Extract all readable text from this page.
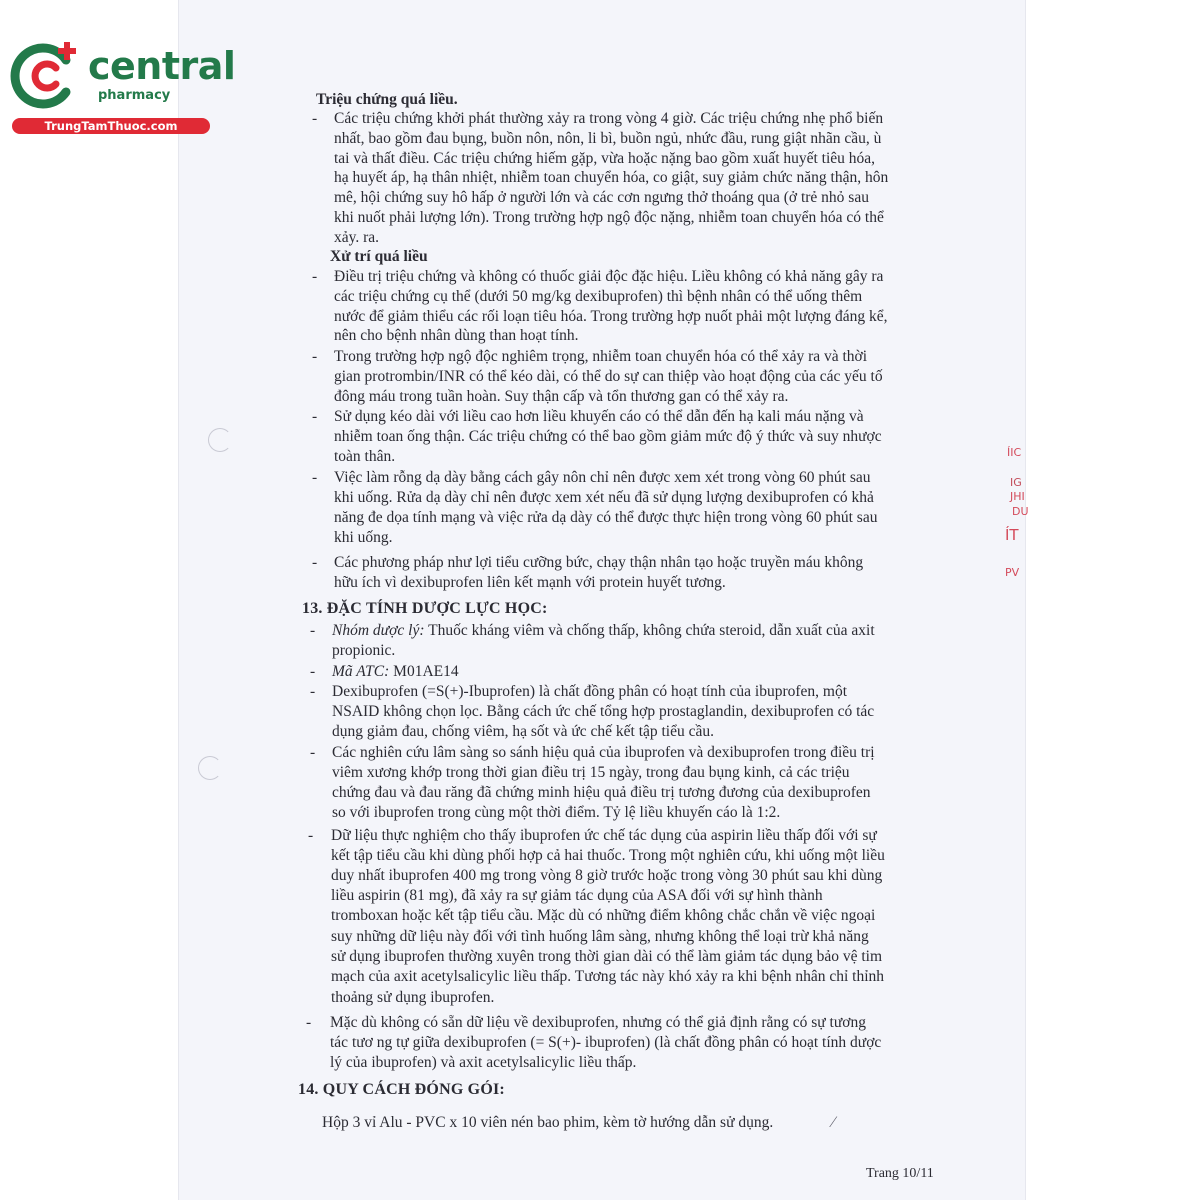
central
pharmacy
TrungTamThuoc.com
ÍIC
IG
JHI
DU
ÍT
PV
Triệu chứng quá liều.
- Các triệu chứng khởi phát thường xảy ra trong vòng 4 giờ. Các triệu chứng nhẹ phổ biến
nhất, bao gồm đau bụng, buồn nôn, nôn, li bì, buồn ngủ, nhức đầu, rung giật nhãn cầu, ù
tai và thất điều. Các triệu chứng hiếm gặp, vừa hoặc nặng bao gồm xuất huyết tiêu hóa,
hạ huyết áp, hạ thân nhiệt, nhiễm toan chuyển hóa, co giật, suy giảm chức năng thận, hôn
mê, hội chứng suy hô hấp ở người lớn và các cơn ngưng thở thoáng qua (ở trẻ nhỏ sau
khi nuốt phải lượng lớn). Trong trường hợp ngộ độc nặng, nhiễm toan chuyển hóa có thể
xảy. ra.
Xử trí quá liều
- Điều trị triệu chứng và không có thuốc giải độc đặc hiệu. Liều không có khả năng gây ra
các triệu chứng cụ thể (dưới 50 mg/kg dexibuprofen) thì bệnh nhân có thể uống thêm
nước để giảm thiểu các rối loạn tiêu hóa. Trong trường hợp nuốt phải một lượng đáng kể,
nên cho bệnh nhân dùng than hoạt tính.
- Trong trường hợp ngộ độc nghiêm trọng, nhiễm toan chuyển hóa có thể xảy ra và thời
gian protrombin/INR có thể kéo dài, có thể do sự can thiệp vào hoạt động của các yếu tố
đông máu trong tuần hoàn. Suy thận cấp và tổn thương gan có thể xảy ra.
- Sử dụng kéo dài với liều cao hơn liều khuyến cáo có thể dẫn đến hạ kali máu nặng và
nhiễm toan ống thận. Các triệu chứng có thể bao gồm giảm mức độ ý thức và suy nhược
toàn thân.
- Việc làm rỗng dạ dày bằng cách gây nôn chỉ nên được xem xét trong vòng 60 phút sau
khi uống. Rửa dạ dày chỉ nên được xem xét nếu đã sử dụng lượng dexibuprofen có khả
năng đe dọa tính mạng và việc rửa dạ dày có thể được thực hiện trong vòng 60 phút sau
khi uống.
- Các phương pháp như lợi tiểu cưỡng bức, chạy thận nhân tạo hoặc truyền máu không
hữu ích vì dexibuprofen liên kết mạnh với protein huyết tương.
13. ĐẶC TÍNH DƯỢC LỰC HỌC:
- Nhóm dược lý: Thuốc kháng viêm và chống thấp, không chứa steroid, dẫn xuất của axit
propionic.
- Mã ATC: M01AE14
- Dexibuprofen (=S(+)-Ibuprofen) là chất đồng phân có hoạt tính của ibuprofen, một
NSAID không chọn lọc. Bằng cách ức chế tổng hợp prostaglandin, dexibuprofen có tác
dụng giảm đau, chống viêm, hạ sốt và ức chế kết tập tiểu cầu.
- Các nghiên cứu lâm sàng so sánh hiệu quả của ibuprofen và dexibuprofen trong điều trị
viêm xương khớp trong thời gian điều trị 15 ngày, trong đau bụng kinh, cả các triệu
chứng đau và đau răng đã chứng minh hiệu quả điều trị tương đương của dexibuprofen
so với ibuprofen trong cùng một thời điểm. Tỷ lệ liều khuyến cáo là 1:2.
- Dữ liệu thực nghiệm cho thấy ibuprofen ức chế tác dụng của aspirin liều thấp đối với sự
kết tập tiểu cầu khi dùng phối hợp cả hai thuốc. Trong một nghiên cứu, khi uống một liều
duy nhất ibuprofen 400 mg trong vòng 8 giờ trước hoặc trong vòng 30 phút sau khi dùng
liều aspirin (81 mg), đã xảy ra sự giảm tác dụng của ASA đối với sự hình thành
tromboxan hoặc kết tập tiểu cầu. Mặc dù có những điểm không chắc chắn về việc ngoại
suy những dữ liệu này đối với tình huống lâm sàng, nhưng không thể loại trừ khả năng
sử dụng ibuprofen thường xuyên trong thời gian dài có thể làm giảm tác dụng bảo vệ tim
mạch của axit acetylsalicylic liều thấp. Tương tác này khó xảy ra khi bệnh nhân chỉ thỉnh
thoảng sử dụng ibuprofen.
- Mặc dù không có sẵn dữ liệu về dexibuprofen, nhưng có thể giả định rằng có sự tương
tác tươ ng tự giữa dexibuprofen (= S(+)- ibuprofen) (là chất đồng phân có hoạt tính dược
lý của ibuprofen) và axit acetylsalicylic liều thấp.
14. QUY CÁCH ĐÓNG GÓI:
Hộp 3 vỉ Alu - PVC x 10 viên nén bao phim, kèm tờ hướng dẫn sử dụng.	⁄
Trang 10/11
